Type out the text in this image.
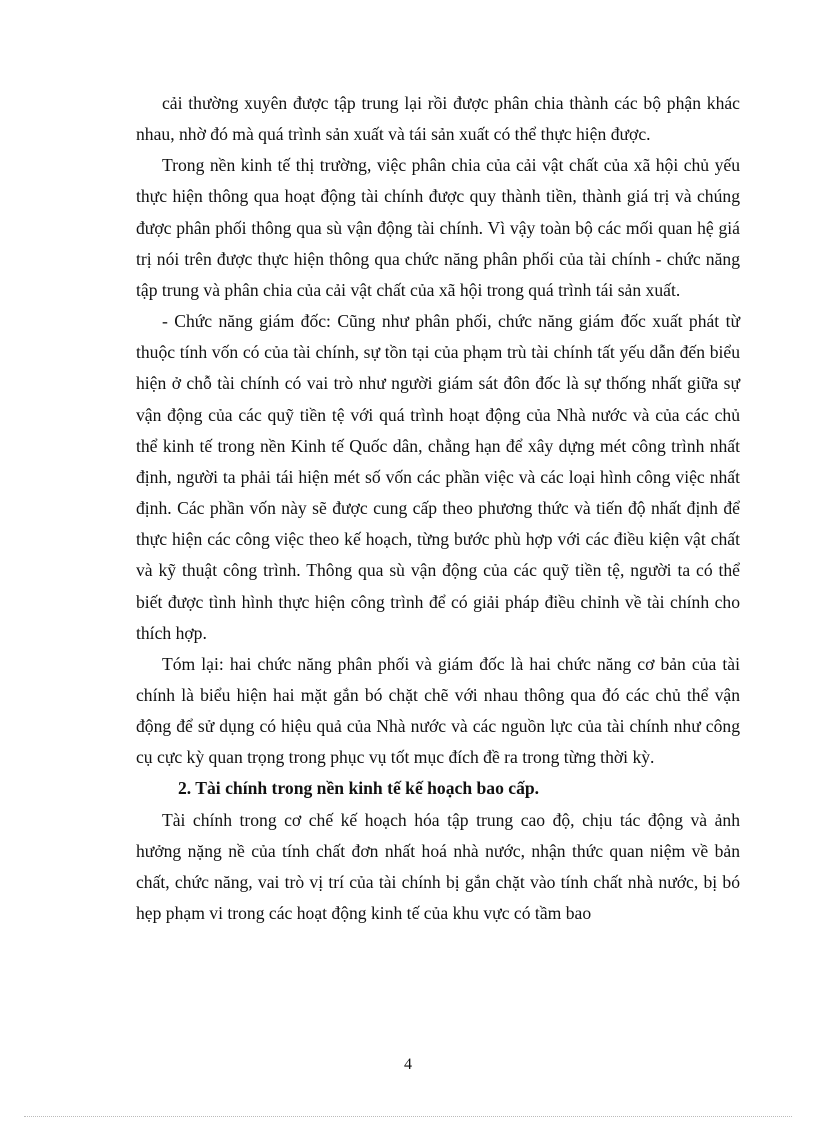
cải thường xuyên được tập trung lại rồi được phân chia thành các bộ phận khác nhau, nhờ đó mà quá trình sản xuất và tái sản xuất có thể thực hiện được.

Trong nền kinh tế thị trường, việc phân chia của cải vật chất của xã hội chủ yếu thực hiện thông qua hoạt động tài chính được quy thành tiền, thành giá trị và chúng được phân phối thông qua sù vận động tài chính. Vì vậy toàn bộ các mối quan hệ giá trị nói trên được thực hiện thông qua chức năng phân phối của tài chính - chức năng tập trung và phân chia của cải vật chất của xã hội trong quá trình tái sản xuất.

- Chức năng giám đốc: Cũng như phân phối, chức năng giám đốc xuất phát từ thuộc tính vốn có của tài chính, sự tồn tại của phạm trù tài chính tất yếu dẫn đến biểu hiện ở chỗ tài chính có vai trò như người giám sát đôn đốc là sự thống nhất giữa sự vận động của các quỹ tiền tệ với quá trình hoạt động của Nhà nước và của các chủ thể kinh tế trong nền Kinh tế Quốc dân, chẳng hạn để xây dựng mét công trình nhất định, người ta phải tái hiện mét số vốn các phần việc và các loại hình công việc nhất định. Các phần vốn này sẽ được cung cấp theo phương thức và tiến độ nhất định để thực hiện các công việc theo kế hoạch, từng bước phù hợp với các điều kiện vật chất và kỹ thuật công trình. Thông qua sù vận động của các quỹ tiền tệ, người ta có thể biết được tình hình thực hiện công trình để có giải pháp điều chỉnh về tài chính cho thích hợp.

Tóm lại: hai chức năng phân phối và giám đốc là hai chức năng cơ bản của tài chính là biểu hiện hai mặt gắn bó chặt chẽ với nhau thông qua đó các chủ thể vận động để sử dụng có hiệu quả của Nhà nước và các nguồn lực của tài chính như công cụ cực kỳ quan trọng trong phục vụ tốt mục đích đề ra trong từng thời kỳ.

2. Tài chính trong nền kinh tế kế hoạch bao cấp.

Tài chính trong cơ chế kế hoạch hóa tập trung cao độ, chịu tác động và ảnh hưởng nặng nề của tính chất đơn nhất hoá nhà nước, nhận thức quan niệm về bản chất, chức năng, vai trò vị trí của tài chính bị gắn chặt vào tính chất nhà nước, bị bó hẹp phạm vi trong các hoạt động kinh tế của khu vực có tầm bao

4
